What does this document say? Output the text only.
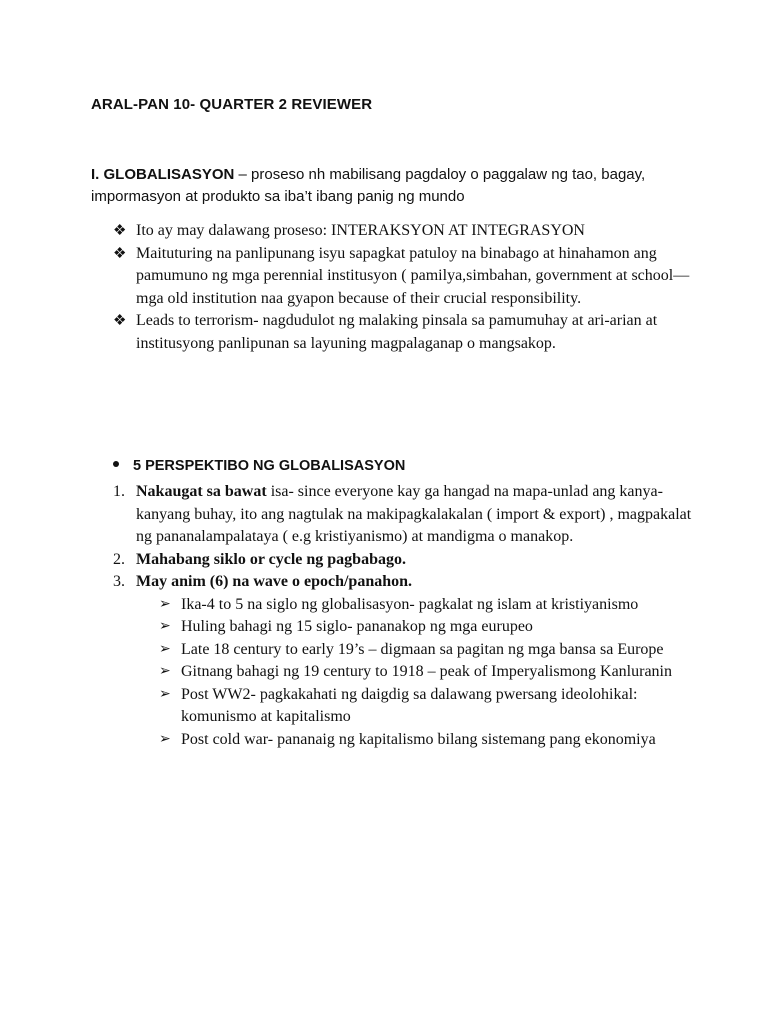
ARAL-PAN 10- QUARTER 2 REVIEWER
I. GLOBALISASYON – proseso nh mabilisang pagdaloy o paggalaw ng tao, bagay, impormasyon at produkto sa iba’t ibang panig ng mundo
❖ Ito ay may dalawang proseso: INTERAKSYON AT INTEGRASYON
❖ Maituturing na panlipunang isyu sapagkat patuloy na binabago at hinahamon ang pamumuno ng mga perennial institusyon ( pamilya,simbahan, government at school—mga old institution naa gyapon because of their crucial responsibility.
❖ Leads to terrorism- nagdudulot ng malaking pinsala sa pamumuhay at ari-arian at institusyong panlipunan sa layuning magpalaganap o mangsakop.
5 PERSPEKTIBO NG GLOBALISASYON
1. Nakaugat sa bawat isa- since everyone kay ga hangad na mapa-unlad ang kanya-kanyang buhay, ito ang nagtulak na makipagkalakalan ( import & export) , magpakalat ng pananalampalataya ( e.g kristiyanismo) at mandigma o manakop.
2. Mahabang siklo or cycle ng pagbabago.
3. May anim (6) na wave o epoch/panahon.
➢ Ika-4 to 5 na siglo ng globalisasyon- pagkalat ng islam at kristiyanismo
➢ Huling bahagi ng 15 siglo- pananakop ng mga eurupeo
➢ Late 18 century to early 19’s – digmaan sa pagitan ng mga bansa sa Europe
➢ Gitnang bahagi ng 19 century to 1918 – peak of Imperyalismong Kanluranin
➢ Post WW2- pagkakahati ng daigdig sa dalawang pwersang ideolohikal: komunismo at kapitalismo
➢ Post cold war- pananaig ng kapitalismo bilang sistemang pang ekonomiya
